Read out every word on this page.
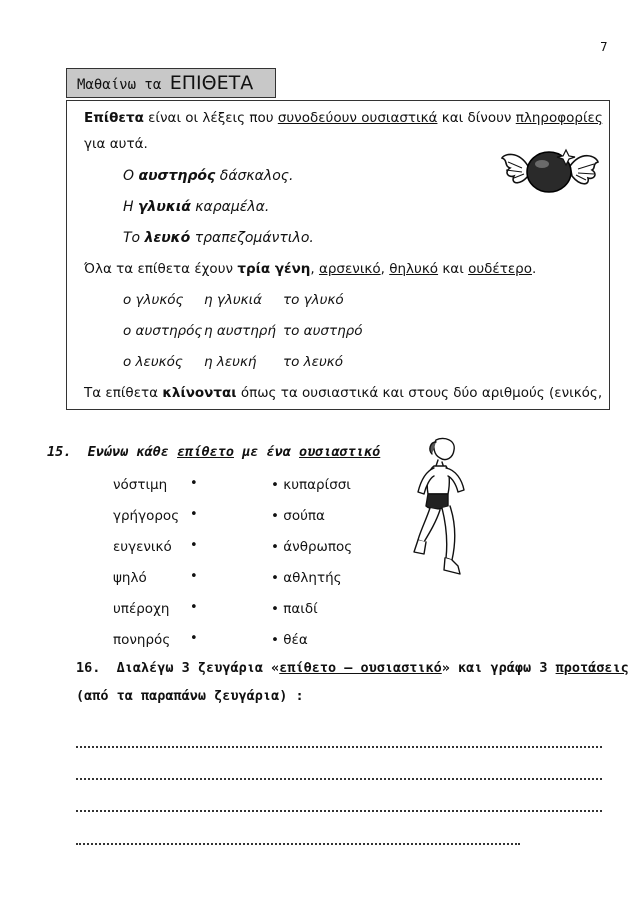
7
Μαθαίνω τα ΕΠΙΘΕΤΑ
Επίθετα είναι οι λέξεις που συνοδεύουν ουσιαστικά και δίνουν πληροφορίες
για αυτά.
Ο αυστηρός δάσκαλος.
Η γλυκιά καραμέλα.
Το λευκό τραπεζομάντιλο.
Όλα τα επίθετα έχουν τρία γένη, αρσενικό, θηλυκό και ουδέτερο.
ο γλυκός η γλυκιά το γλυκό
ο αυστηρός η αυστηρή το αυστηρό
ο λευκός η λευκή το λευκό
Τα επίθετα κλίνονται όπως τα ουσιαστικά και στους δύο αριθμούς (ενικός,
15. Ενώνω κάθε επίθετο με ένα ουσιαστικό
νόστιμη
γρήγορος
ευγενικό
ψηλό
υπέροχη
πονηρός
•
•
•
•
•
•
• κυπαρίσσι
• σούπα
• άνθρωπος
• αθλητής
• παιδί
• θέα
16. Διαλέγω 3 ζευγάρια «επίθετο – ουσιαστικό» και γράφω 3 προτάσεις
(από τα παραπάνω ζευγάρια) :
